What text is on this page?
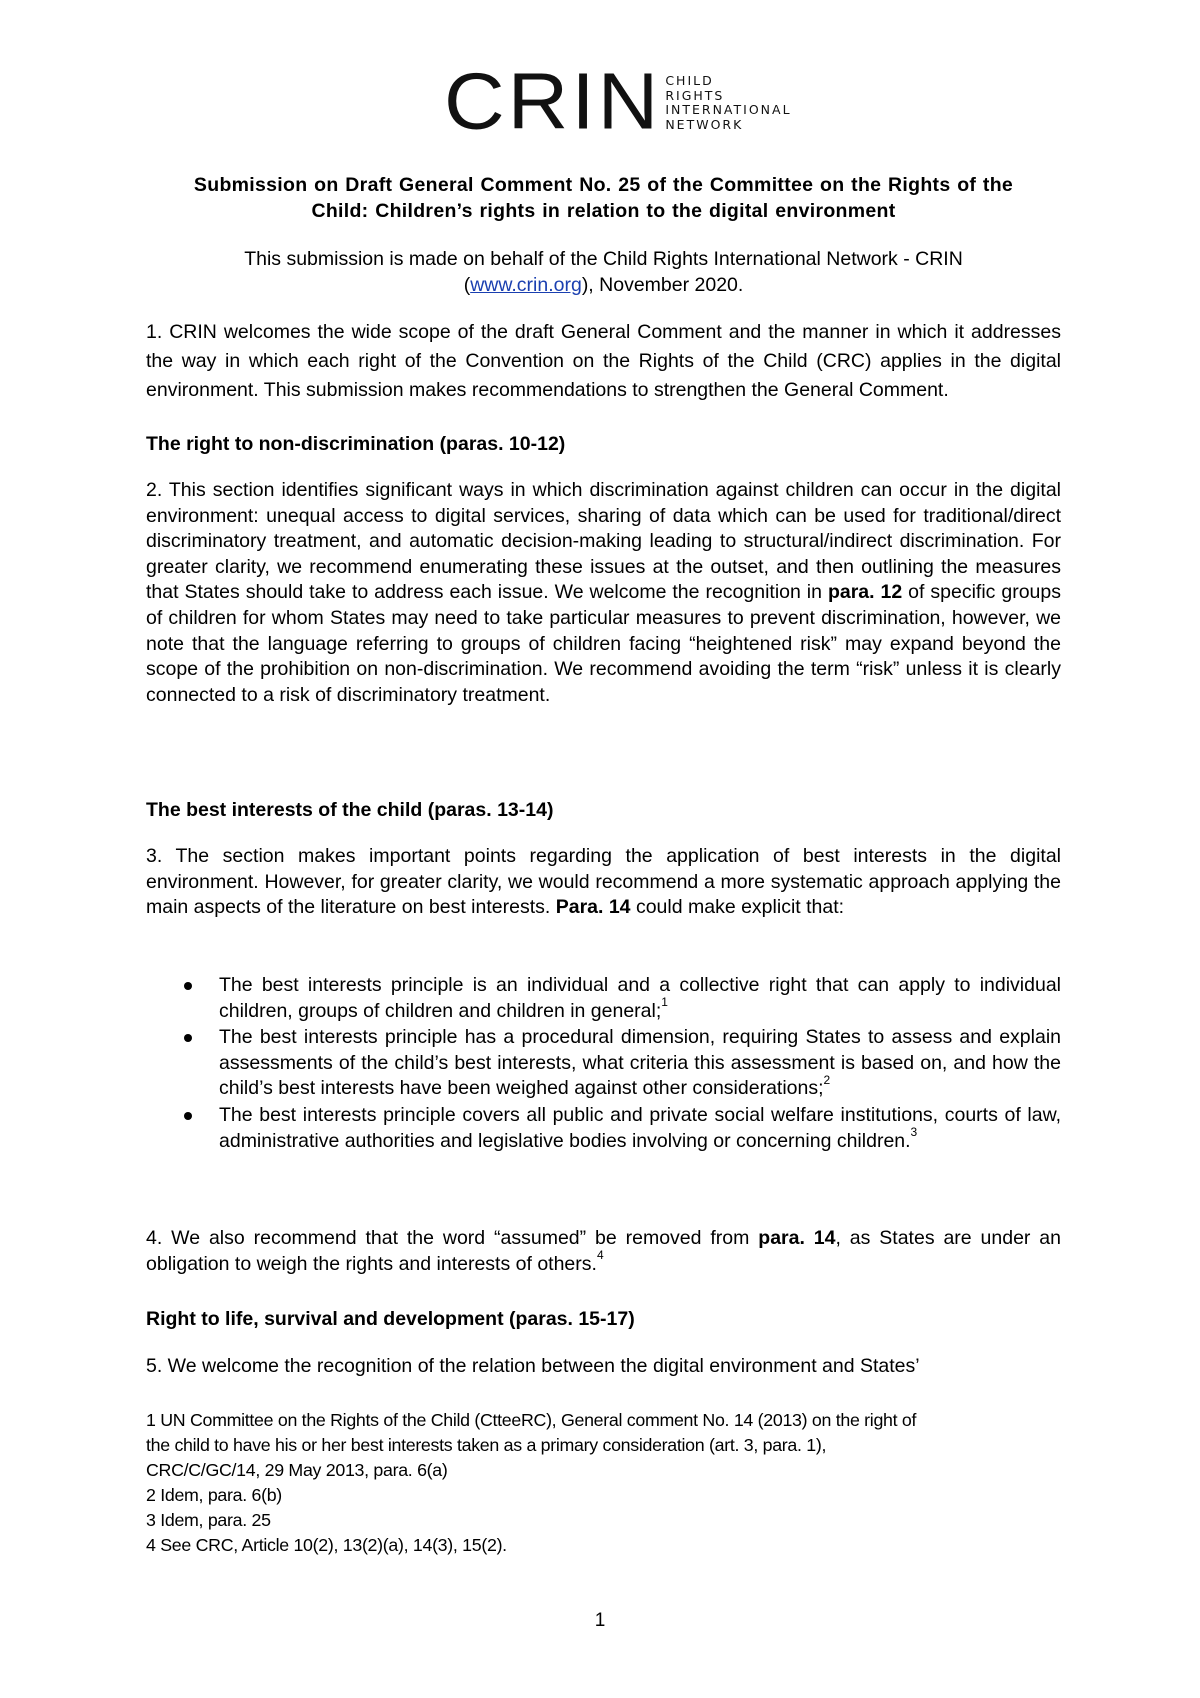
CRIN CHILD
RIGHTS
INTERNATIONAL
NETWORK
Submission on Draft General Comment No. 25 of the Committee on the Rights of the
Child: Children’s rights in relation to the digital environment
This submission is made on behalf of the Child Rights International Network - CRIN
(www.crin.org), November 2020.

1. CRIN welcomes the wide scope of the draft General Comment and the manner in which it addresses the way in which each right of the Convention on the Rights of the Child (CRC) applies in the digital environment. This submission makes recommendations to strengthen the General Comment.

The right to non-discrimination (paras. 10-12)

2. This section identifies significant ways in which discrimination against children can occur in the digital environment: unequal access to digital services, sharing of data which can be used for traditional/direct discriminatory treatment, and automatic decision-making leading to structural/indirect discrimination. For greater clarity, we recommend enumerating these issues at the outset, and then outlining the measures that States should take to address each issue. We welcome the recognition in para. 12 of specific groups of children for whom States may need to take particular measures to prevent discrimination, however, we note that the language referring to groups of children facing “heightened risk” may expand beyond the scope of the prohibition on non-discrimination. We recommend avoiding the term “risk” unless it is clearly connected to a risk of discriminatory treatment.

The best interests of the child (paras. 13-14)

3. The section makes important points regarding the application of best interests in the digital environment. However, for greater clarity, we would recommend a more systematic approach applying the main aspects of the literature on best interests. Para. 14 could make explicit that:

The best interests principle is an individual and a collective right that can apply to individual children, groups of children and children in general;$^1$
The best interests principle has a procedural dimension, requiring States to assess and explain assessments of the child’s best interests, what criteria this assessment is based on, and how the child’s best interests have been weighed against other considerations;$^2$
The best interests principle covers all public and private social welfare institutions, courts of law, administrative authorities and legislative bodies involving or concerning children.$^3$

4. We also recommend that the word “assumed” be removed from para. 14, as States are under an obligation to weigh the rights and interests of others.$^4$

Right to life, survival and development (paras. 15-17)

5. We welcome the recognition of the relation between the digital environment and States’

1 UN Committee on the Rights of the Child (CtteeRC), General comment No. 14 (2013) on the right of
the child to have his or her best interests taken as a primary consideration (art. 3, para. 1),
CRC/C/GC/14, 29 May 2013, para. 6(a)
2 Idem, para. 6(b)
3 Idem, para. 25
4 See CRC, Article 10(2), 13(2)(a), 14(3), 15(2).
1
